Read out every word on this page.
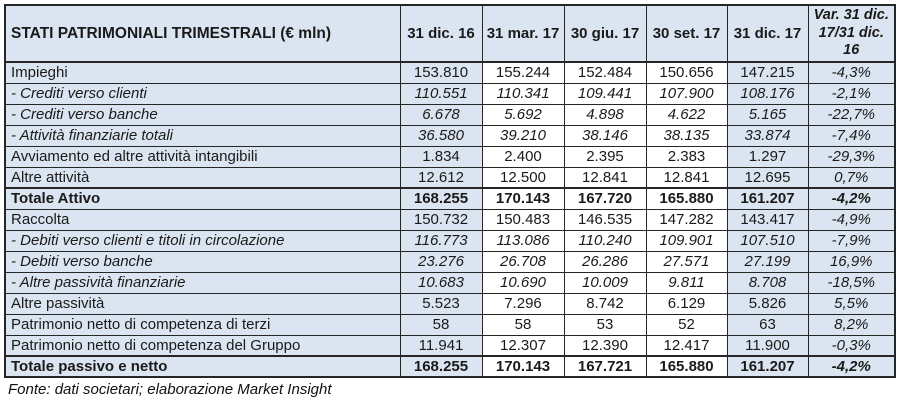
STATI PATRIMONIALI TRIMESTRALI (€ mln)	31 dic. 16	31 mar. 17	30 giu. 17	30 set. 17	31 dic. 17	Var. 31 dic. 17/31 dic. 16
Impieghi	153.810	155.244	152.484	150.656	147.215	-4,3%
- Crediti verso clienti	110.551	110.341	109.441	107.900	108.176	-2,1%
- Crediti verso banche	6.678	5.692	4.898	4.622	5.165	-22,7%
- Attività finanziarie totali	36.580	39.210	38.146	38.135	33.874	-7,4%
Avviamento ed altre attività intangibili	1.834	2.400	2.395	2.383	1.297	-29,3%
Altre attività	12.612	12.500	12.841	12.841	12.695	0,7%
Totale Attivo	168.255	170.143	167.720	165.880	161.207	-4,2%
Raccolta	150.732	150.483	146.535	147.282	143.417	-4,9%
- Debiti verso clienti e titoli in circolazione	116.773	113.086	110.240	109.901	107.510	-7,9%
- Debiti verso banche	23.276	26.708	26.286	27.571	27.199	16,9%
- Altre passività finanziarie	10.683	10.690	10.009	9.811	8.708	-18,5%
Altre passività	5.523	7.296	8.742	6.129	5.826	5,5%
Patrimonio netto di competenza di terzi	58	58	53	52	63	8,2%
Patrimonio netto di competenza del Gruppo	11.941	12.307	12.390	12.417	11.900	-0,3%
Totale passivo e netto	168.255	170.143	167.721	165.880	161.207	-4,2%
Fonte: dati societari; elaborazione Market Insight
